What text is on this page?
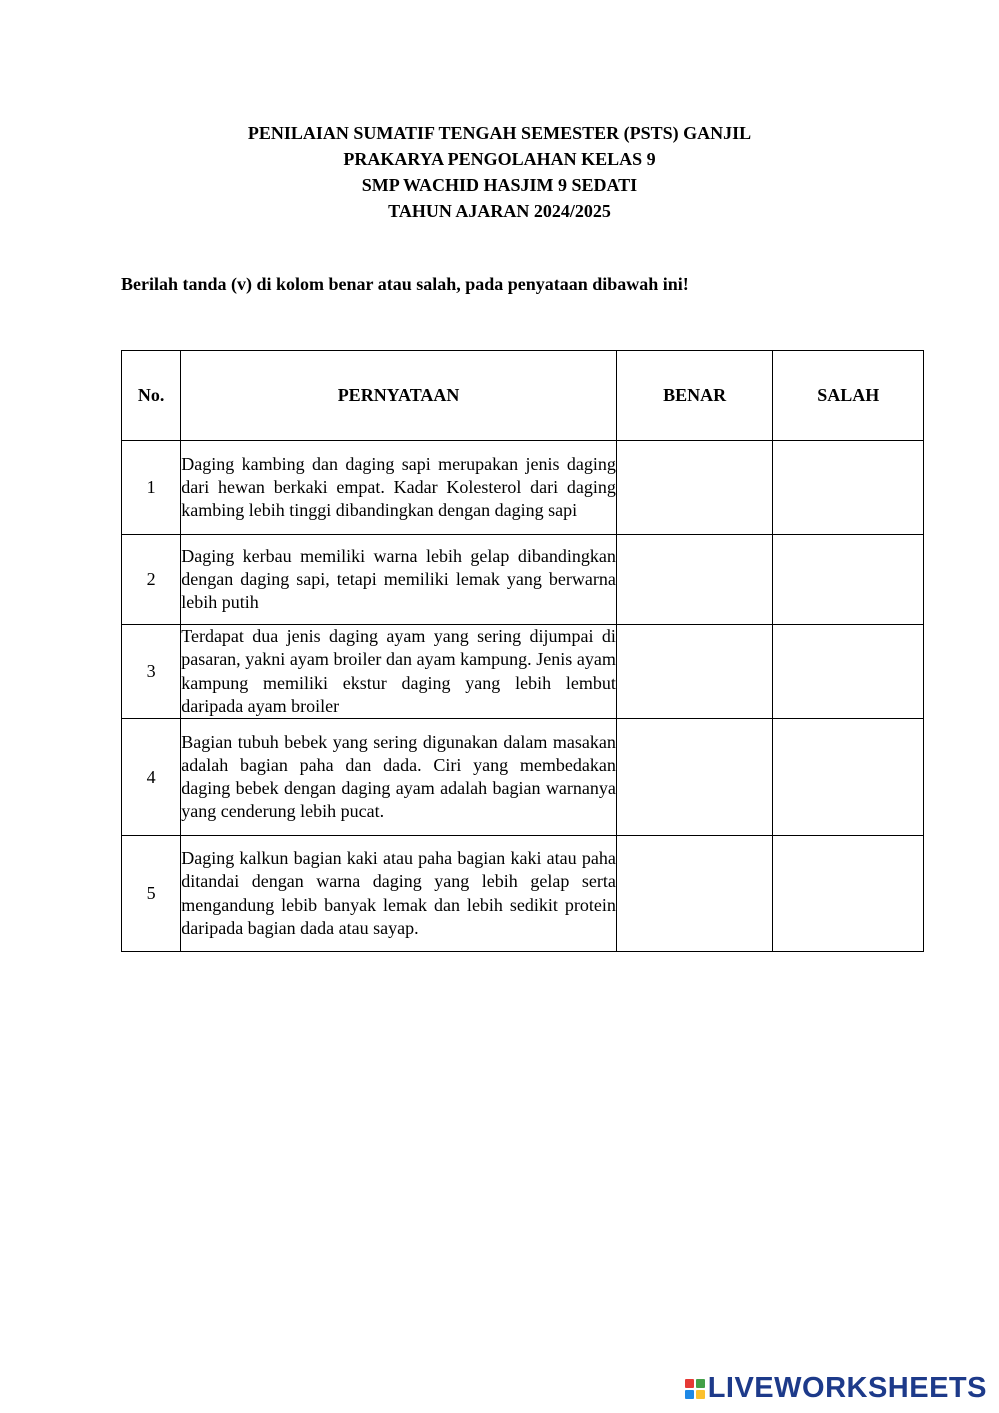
PENILAIAN SUMATIF TENGAH SEMESTER (PSTS) GANJIL
PRAKARYA PENGOLAHAN KELAS 9
SMP WACHID HASJIM 9 SEDATI
TAHUN AJARAN 2024/2025
Berilah tanda (v) di kolom benar atau salah, pada penyataan dibawah ini!
No.	PERNYATAAN	BENAR	SALAH
1	Daging kambing dan daging sapi merupakan jenis daging dari hewan berkaki empat. Kadar Kolesterol dari daging kambing lebih tinggi dibandingkan dengan daging sapi		
2	Daging kerbau memiliki warna lebih gelap dibandingkan dengan daging sapi, tetapi memiliki lemak yang berwarna lebih putih		
3	Terdapat dua jenis daging ayam yang sering dijumpai di pasaran, yakni ayam broiler dan ayam kampung. Jenis ayam kampung memiliki ekstur daging yang lebih lembut daripada ayam broiler		
4	Bagian tubuh bebek yang sering digunakan dalam masakan adalah bagian paha dan dada. Ciri yang membedakan daging bebek dengan daging ayam adalah bagian warnanya yang cenderung lebih pucat.		
5	Daging kalkun bagian kaki atau paha bagian kaki atau paha ditandai dengan warna daging yang lebih gelap serta mengandung lebib banyak lemak dan lebih sedikit protein daripada bagian dada atau sayap.		
LIVEWORKSHEETS
